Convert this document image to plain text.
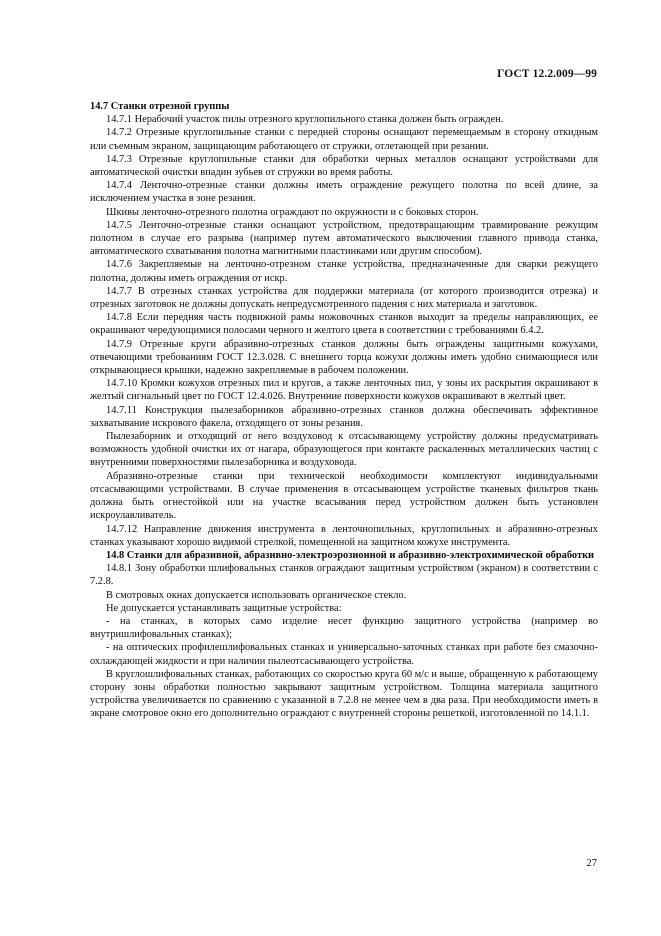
ГОСТ 12.2.009—99

14.7 Станки отрезной группы

14.7.1 Нерабочий участок пилы отрезного круглопильного станка должен быть огражден.

14.7.2 Отрезные круглопильные станки с передней стороны оснащают перемещаемым в сторону откидным или съемным экраном, защищающим работающего от стружки, отлетающей при резании.

14.7.3 Отрезные круглопильные станки для обработки черных металлов оснащают устройствами для автоматической очистки впадин зубьев от стружки во время работы.

14.7.4 Ленточно-отрезные станки должны иметь ограждение режущего полотна по всей длине, за исключением участка в зоне резания.

Шкивы ленточно-отрезного полотна ограждают по окружности и с боковых сторон.

14.7.5 Ленточно-отрезные станки оснащают устройством, предотвращающим травмирование режущим полотном в случае его разрыва (например путем автоматического выключения главного привода станка, автоматического схватывания полотна магнитными пластинками или другим способом).

14.7.6 Закрепляемые на ленточно-отрезном станке устройства, предназначенные для сварки режущего полотна, должны иметь ограждения от искр.

14.7.7 В отрезных станках устройства для поддержки материала (от которого производится отрезка) и отрезных заготовок не должны допускать непредусмотренного падения с них материала и заготовок.

14.7.8 Если передняя часть подвижной рамы ножовочных станков выходит за пределы направляющих, ее окрашивают чередующимися полосами черного и желтого цвета в соответствии с требованиями 6.4.2.

14.7.9 Отрезные круги абразивно-отрезных станков должны быть ограждены защитными кожухами, отвечающими требованиям ГОСТ 12.3.028. С внешнего торца кожухи должны иметь удобно снимающиеся или открывающиеся крышки, надежно закрепляемые в рабочем положении.

14.7.10 Кромки кожухов отрезных пил и кругов, а также ленточных пил, у зоны их раскрытия окрашивают в желтый сигнальный цвет по ГОСТ 12.4.026. Внутренние поверхности кожухов окрашивают в желтый цвет.

14.7.11 Конструкция пылезаборников абразивно-отрезных станков должна обеспечивать эффективное захватывание искрового факела, отходящего от зоны резания.

Пылезаборник и отходящий от него воздуховод к отсасывающему устройству должны предусматривать возможность удобной очистки их от нагара, образующегося при контакте раскаленных металлических частиц с внутренними поверхностями пылезаборника и воздуховода.

Абразивно-отрезные станки при технической необходимости комплектуют индивидуальными отсасывающими устройствами. В случае применения в отсасывающем устройстве тканевых фильтров ткань должна быть огнестойкой или на участке всасывания перед устройством должен быть установлен искроулавливатель.

14.7.12 Направление движения инструмента в ленточнопильных, круглопильных и абразивно-отрезных станках указывают хорошо видимой стрелкой, помещенной на защитном кожухе инструмента.

14.8 Станки для абразивной, абразивно-электроэрозионной и абразивно-электрохимической обработки

14.8.1 Зону обработки шлифовальных станков ограждают защитным устройством (экраном) в соответствии с 7.2.8.

В смотровых окнах допускается использовать органическое стекло.

Не допускается устанавливать защитные устройства:

- на станках, в которых само изделие несет функцию защитного устройства (например во внутришлифовальных станках);

- на оптических профилешлифовальных станках и универсально-заточных станках при работе без смазочно-охлаждающей жидкости и при наличии пылеотсасывающего устройства.

В круглошлифовальных станках, работающих со скоростью круга 60 м/с и выше, обращенную к работающему сторону зоны обработки полностью закрывают защитным устройством. Толщина материала защитного устройства увеличивается по сравнению с указанной в 7.2.8 не менее чем в два раза. При необходимости иметь в экране смотровое окно его дополнительно ограждают с внутренней стороны решеткой, изготовленной по 14.1.1.

27
